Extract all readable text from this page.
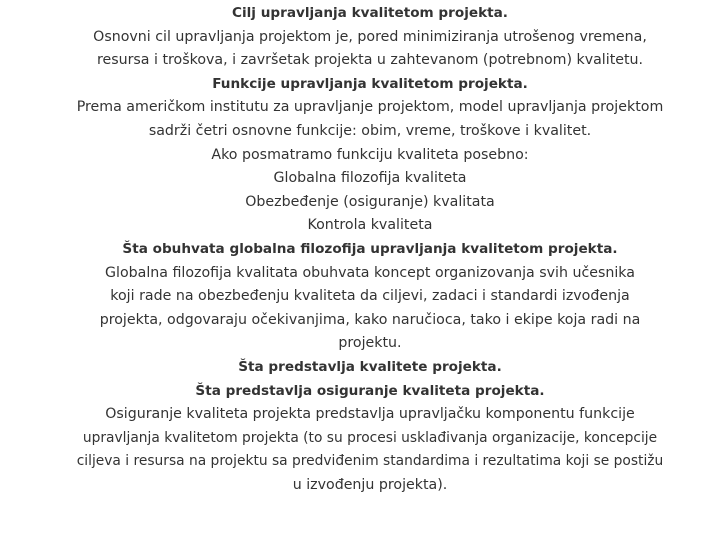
Cilj upravljanja kvalitetom projekta.

Osnovni cil upravljanja projektom je, pored minimiziranja utrošenog vremena,

resursa i troškova, i završetak projekta u zahtevanom (potrebnom) kvalitetu.

Funkcije upravljanja kvalitetom projekta.

Prema američkom institutu za upravljanje projektom, model upravljanja projektom

sadrži četri osnovne funkcije: obim, vreme, troškove i kvalitet.

Ako posmatramo funkciju kvaliteta posebno:

Globalna filozofija kvaliteta

Obezbeđenje (osiguranje) kvalitata

Kontrola kvaliteta

Šta obuhvata globalna filozofija upravljanja kvalitetom projekta.

Globalna filozofija kvalitata obuhvata koncept organizovanja svih učesnika

koji rade na obezbeđenju kvaliteta da ciljevi, zadaci i standardi izvođenja

projekta, odgovaraju očekivanjima, kako naručioca, tako i ekipe koja radi na

projektu.

Šta predstavlja kvalitete projekta.

Šta predstavlja osiguranje kvaliteta projekta.

Osiguranje kvaliteta projekta predstavlja upravljačku komponentu funkcije

upravljanja kvalitetom projekta (to su procesi usklađivanja organizacije, koncepcije

ciljeva i resursa na projektu sa predviđenim standardima i rezultatima koji se postižu

u izvođenju projekta).
